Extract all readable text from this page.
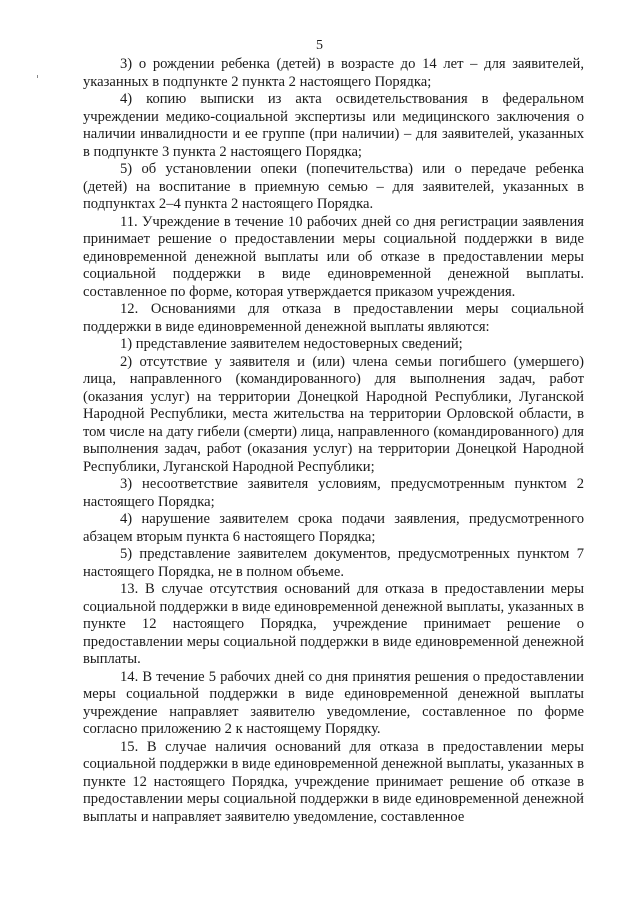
5

3) о рождении ребенка (детей) в возрасте до 14 лет – для заявителей, указанных в подпункте 2 пункта 2 настоящего Порядка;

4) копию выписки из акта освидетельствования в федеральном учреждении медико-социальной экспертизы или медицинского заключения о наличии инвалидности и ее группе (при наличии) – для заявителей, указанных в подпункте 3 пункта 2 настоящего Порядка;

5) об установлении опеки (попечительства) или о передаче ребенка (детей) на воспитание в приемную семью – для заявителей, указанных в подпунктах 2–4 пункта 2 настоящего Порядка.

11. Учреждение в течение 10 рабочих дней со дня регистрации заявления принимает решение о предоставлении меры социальной поддержки в виде единовременной денежной выплаты или об отказе в предоставлении меры социальной поддержки в виде единовременной денежной выплаты. составленное по форме, которая утверждается приказом учреждения.

12. Основаниями для отказа в предоставлении меры социальной поддержки в виде единовременной денежной выплаты являются:

1) представление заявителем недостоверных сведений;

2) отсутствие у заявителя и (или) члена семьи погибшего (умершего) лица, направленного (командированного) для выполнения задач, работ (оказания услуг) на территории Донецкой Народной Республики, Луганской Народной Республики, места жительства на территории Орловской области, в том числе на дату гибели (смерти) лица, направленного (командированного) для выполнения задач, работ (оказания услуг) на территории Донецкой Народной Республики, Луганской Народной Республики;

3) несоответствие заявителя условиям, предусмотренным пунктом 2 настоящего Порядка;

4) нарушение заявителем срока подачи заявления, предусмотренного абзацем вторым пункта 6 настоящего Порядка;

5) представление заявителем документов, предусмотренных пунктом 7 настоящего Порядка, не в полном объеме.

13. В случае отсутствия оснований для отказа в предоставлении меры социальной поддержки в виде единовременной денежной выплаты, указанных в пункте 12 настоящего Порядка, учреждение принимает решение о предоставлении меры социальной поддержки в виде единовременной денежной выплаты.

14. В течение 5 рабочих дней со дня принятия решения о предоставлении меры социальной поддержки в виде единовременной денежной выплаты учреждение направляет заявителю уведомление, составленное по форме согласно приложению 2 к настоящему Порядку.

15. В случае наличия оснований для отказа в предоставлении меры социальной поддержки в виде единовременной денежной выплаты, указанных в пункте 12 настоящего Порядка, учреждение принимает решение об отказе в предоставлении меры социальной поддержки в виде единовременной денежной выплаты и направляет заявителю уведомление, составленное
